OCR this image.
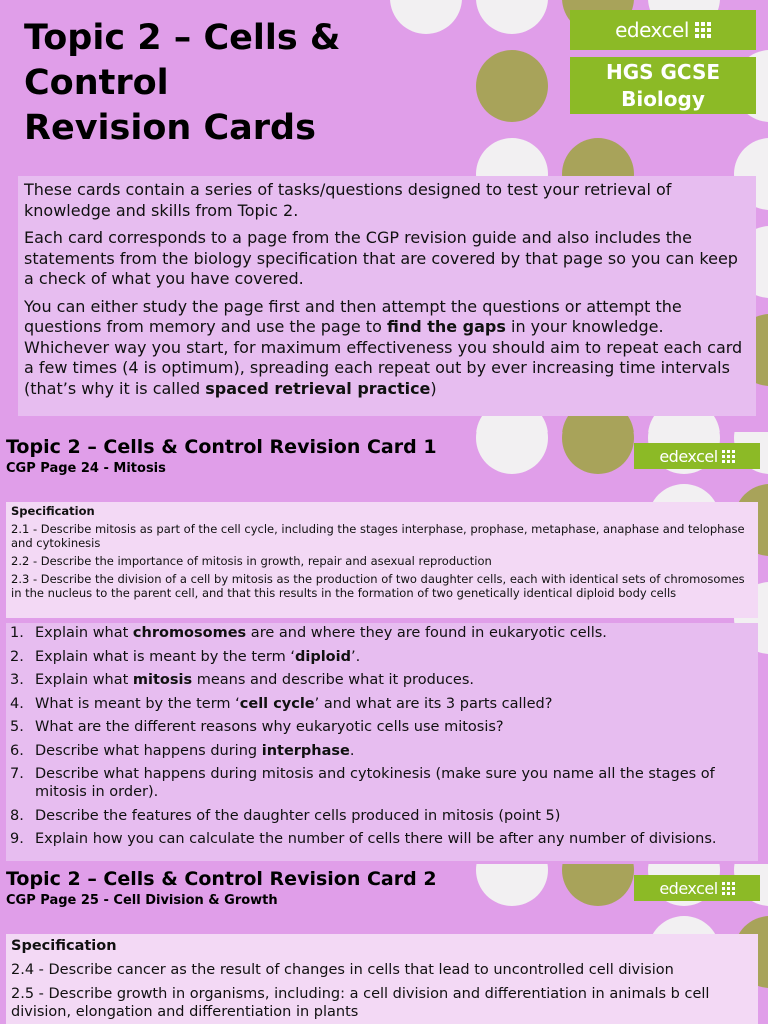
Topic 2 – Cells & Control Revision Cards
edexcel
HGS GCSE
Biology

These cards contain a series of tasks/questions designed to test your retrieval of knowledge and skills from Topic 2.

Each card corresponds to a page from the CGP revision guide and also includes the statements from the biology specification that are covered by that page so you can keep a check of what you have covered.

You can either study the page first and then attempt the questions or attempt the questions from memory and use the page to find the gaps in your knowledge. Whichever way you start, for maximum effectiveness you should aim to repeat each card a few times (4 is optimum), spreading each repeat out by ever increasing time intervals (that’s why it is called spaced retrieval practice)

Topic 2 – Cells & Control Revision Card 1
CGP Page 24 - Mitosis
edexcel
Specification
2.1 - Describe mitosis as part of the cell cycle, including the stages interphase, prophase, metaphase, anaphase and telophase and cytokinesis
2.2 - Describe the importance of mitosis in growth, repair and asexual reproduction
2.3 - Describe the division of a cell by mitosis as the production of two daughter cells, each with identical sets of chromosomes in the nucleus to the parent cell, and that this results in the formation of two genetically identical diploid body cells
1. Explain what chromosomes are and where they are found in eukaryotic cells.
2. Explain what is meant by the term ‘diploid’.
3. Explain what mitosis means and describe what it produces.
4. What is meant by the term ‘cell cycle’ and what are its 3 parts called?
5. What are the different reasons why eukaryotic cells use mitosis?
6. Describe what happens during interphase.
7. Describe what happens during mitosis and cytokinesis (make sure you name all the stages of mitosis in order).
8. Describe the features of the daughter cells produced in mitosis (point 5)
9. Explain how you can calculate the number of cells there will be after any number of divisions.
Topic 2 – Cells & Control Revision Card 2
CGP Page 25 - Cell Division & Growth
edexcel
Specification
2.4 - Describe cancer as the result of changes in cells that lead to uncontrolled cell division
2.5 - Describe growth in organisms, including: a cell division and differentiation in animals b cell division, elongation and differentiation in plants
